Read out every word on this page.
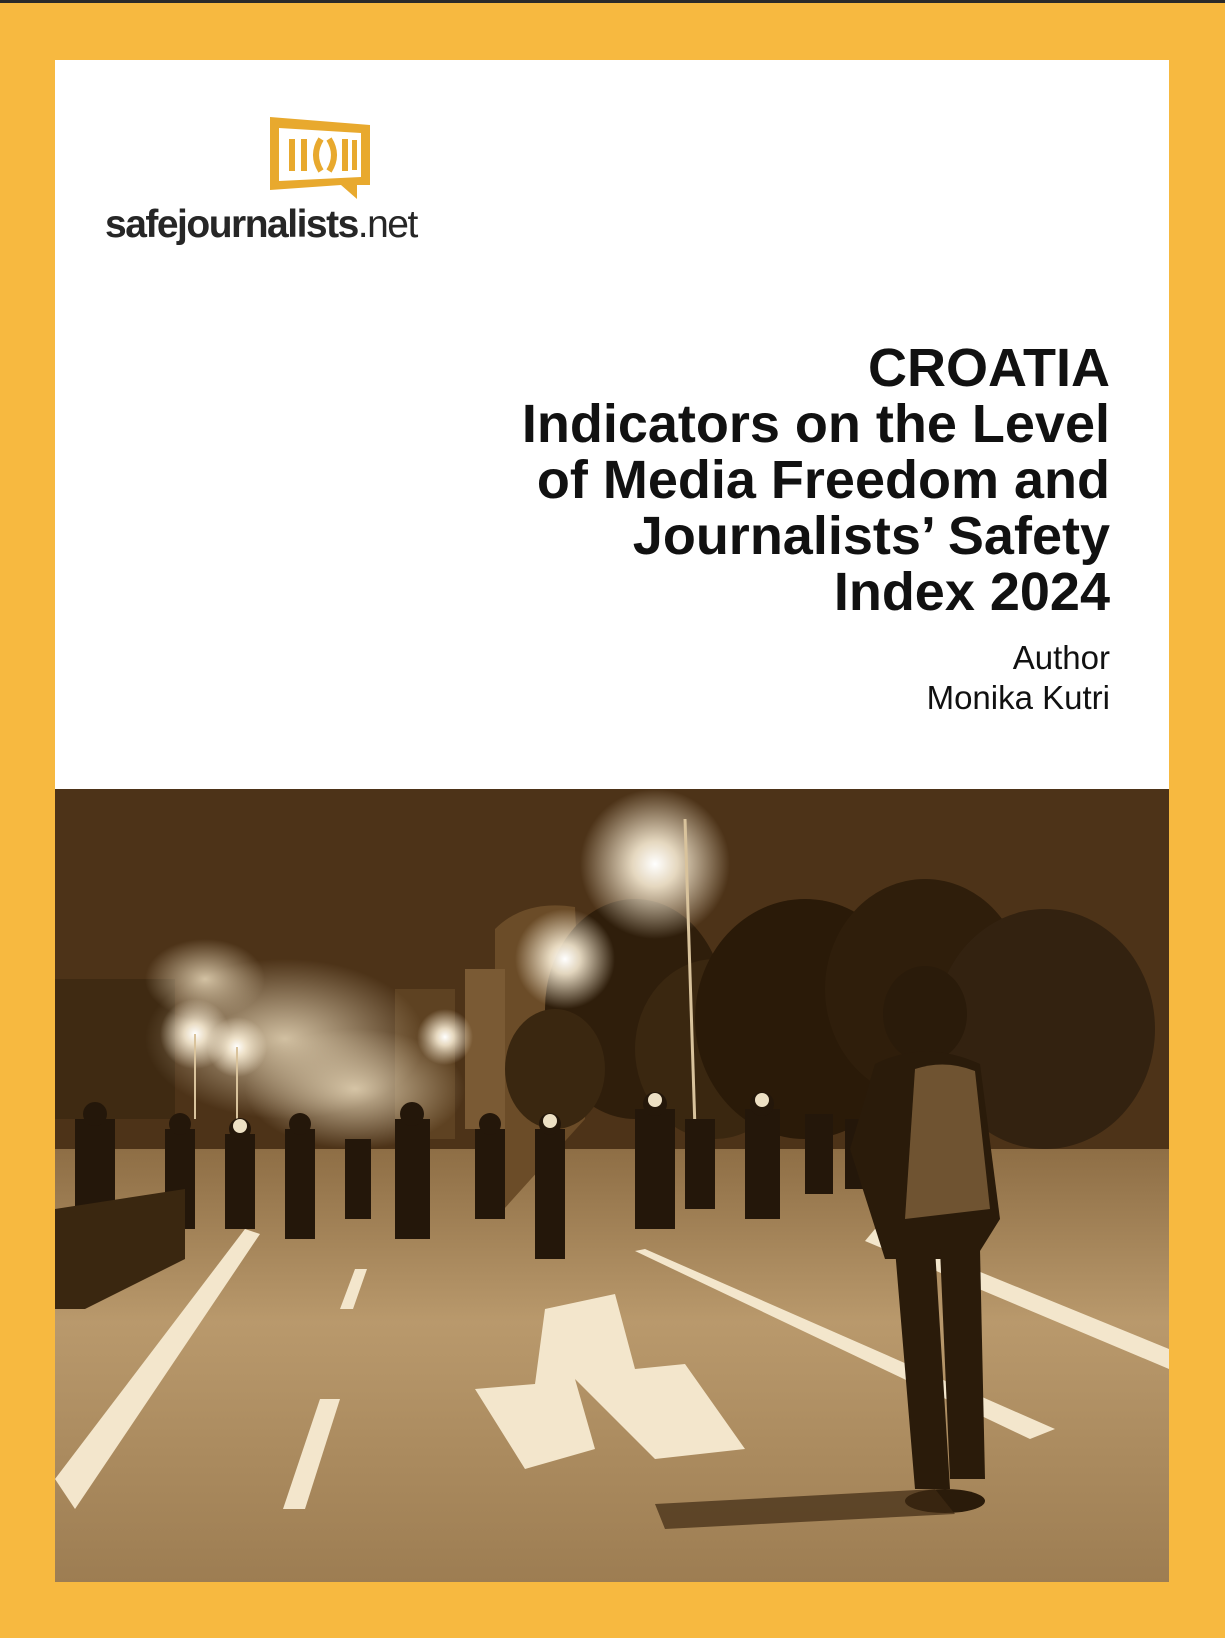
safejournalists.net
CROATIA
Indicators on the Level
of Media Freedom and
Journalists’ Safety
Index 2024
Author
Monika Kutri
